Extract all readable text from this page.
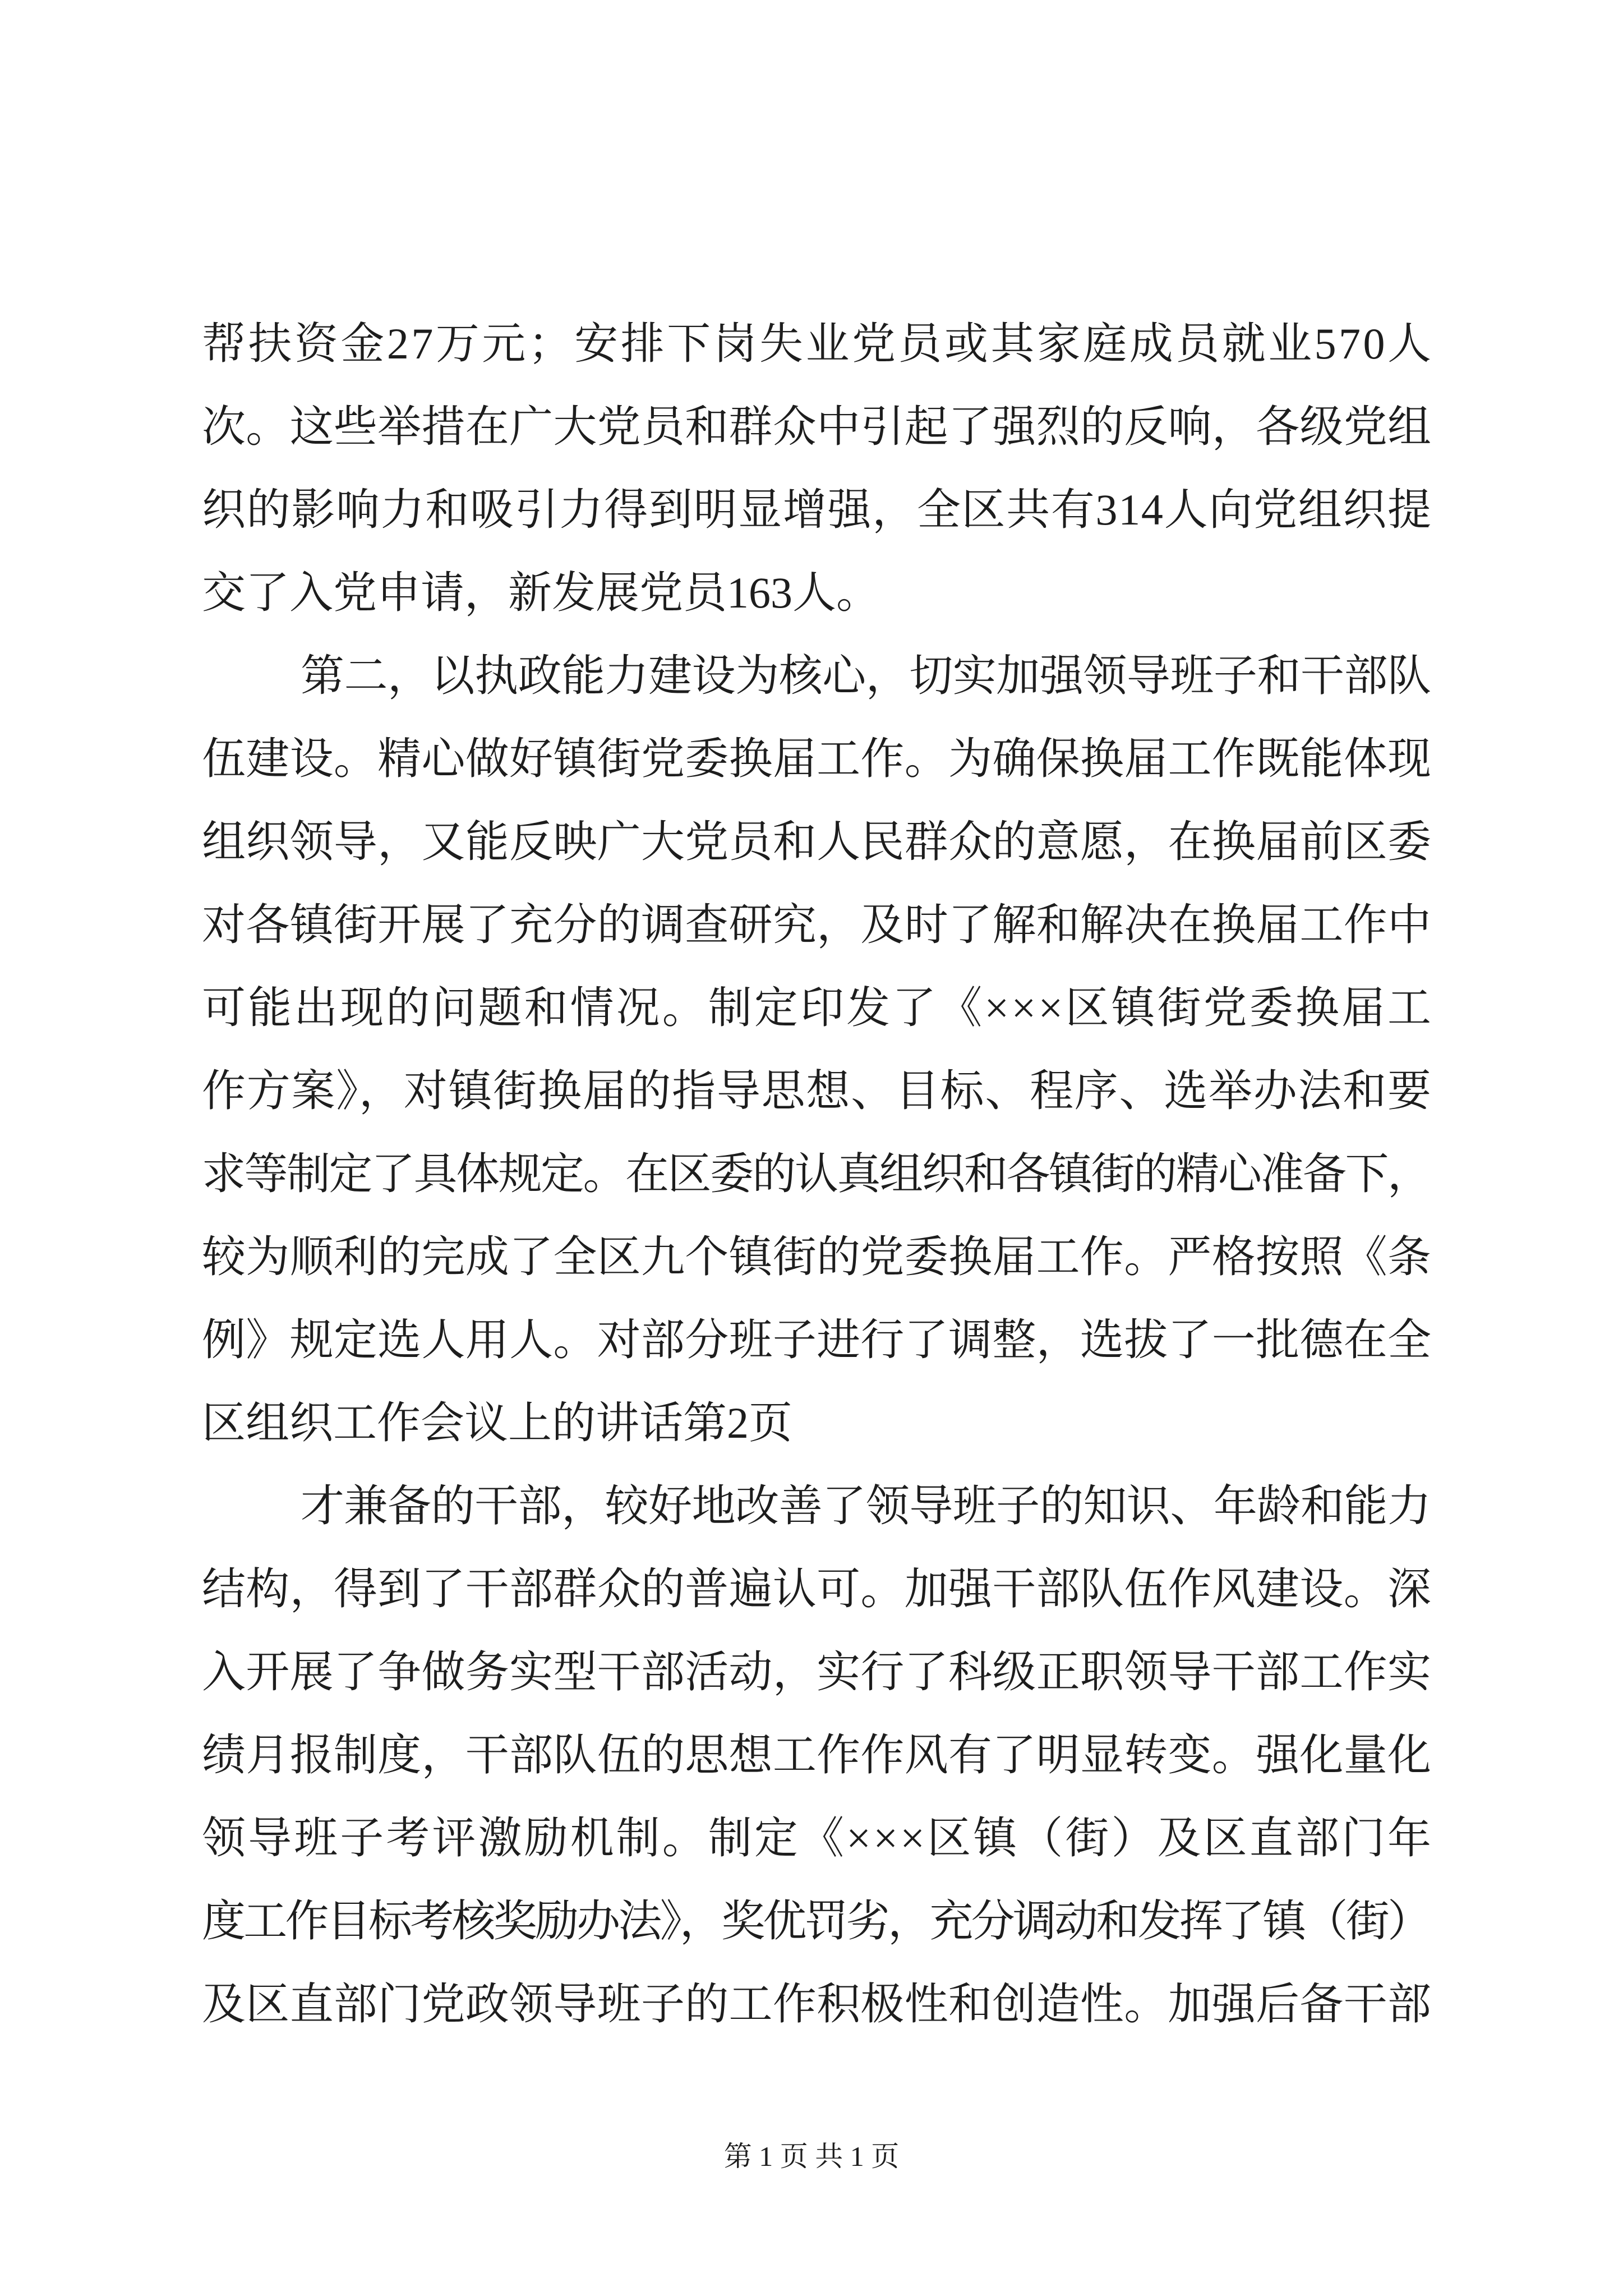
帮扶资金27万元；安排下岗失业党员或其家庭成员就业570人
次。这些举措在广大党员和群众中引起了强烈的反响，各级党组
织的影响力和吸引力得到明显增强，全区共有314人向党组织提
交了入党申请，新发展党员163人。
第二，以执政能力建设为核心，切实加强领导班子和干部队
伍建设。精心做好镇街党委换届工作。为确保换届工作既能体现
组织领导，又能反映广大党员和人民群众的意愿，在换届前区委
对各镇街开展了充分的调查研究，及时了解和解决在换届工作中
可能出现的问题和情况。制定印发了《×××区镇街党委换届工
作方案》，对镇街换届的指导思想、目标、程序、选举办法和要
求等制定了具体规定。在区委的认真组织和各镇街的精心准备下，
较为顺利的完成了全区九个镇街的党委换届工作。严格按照《条
例》规定选人用人。对部分班子进行了调整，选拔了一批德在全
区组织工作会议上的讲话第2页
才兼备的干部，较好地改善了领导班子的知识、年龄和能力
结构，得到了干部群众的普遍认可。加强干部队伍作风建设。深
入开展了争做务实型干部活动，实行了科级正职领导干部工作实
绩月报制度，干部队伍的思想工作作风有了明显转变。强化量化
领导班子考评激励机制。制定《×××区镇（街）及区直部门年
度工作目标考核奖励办法》，奖优罚劣，充分调动和发挥了镇（街）
及区直部门党政领导班子的工作积极性和创造性。加强后备干部
第 1 页 共 1 页
